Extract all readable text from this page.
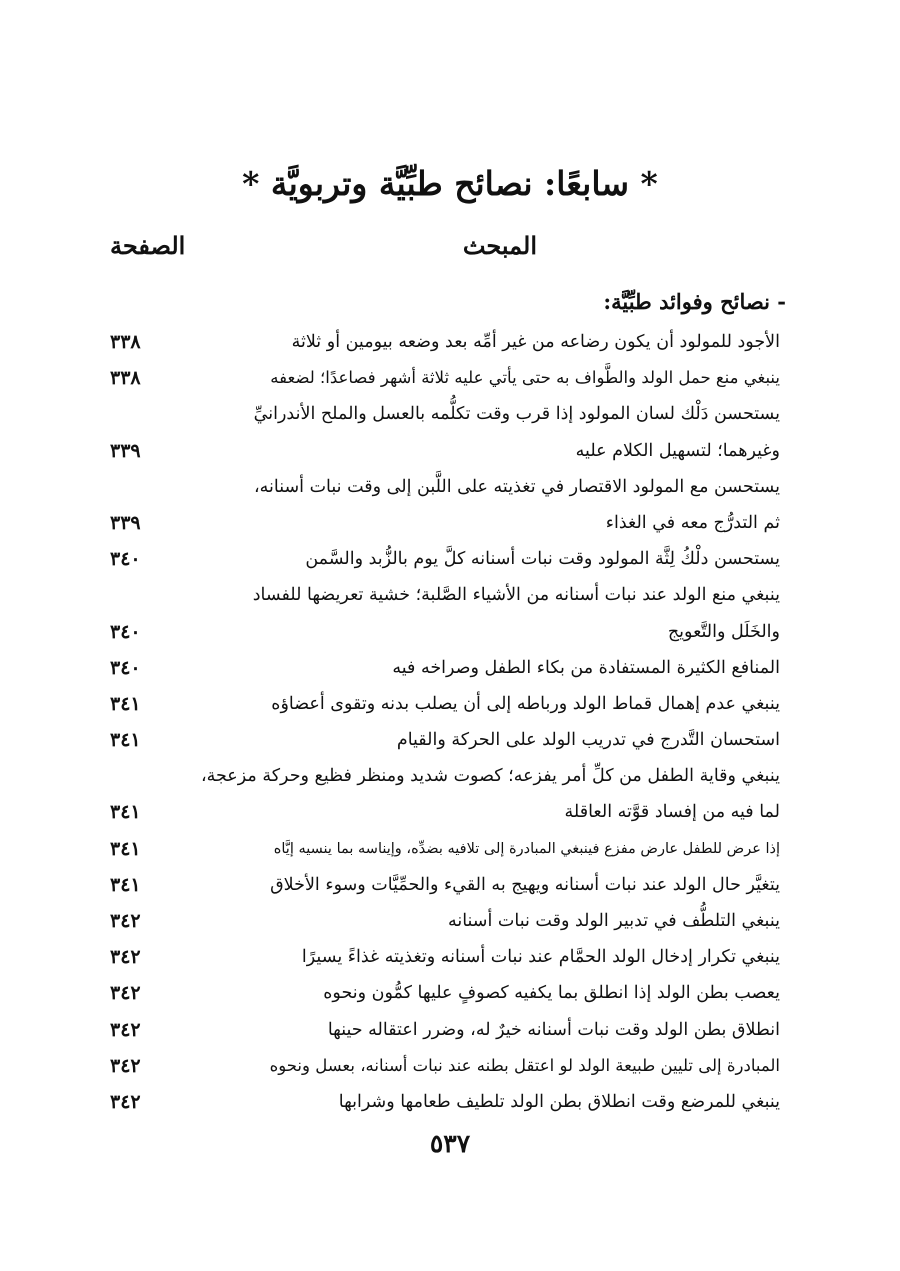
* سابعًا: نصائح طبِّيَّة وتربويَّة *
المبحث
الصفحة
- نصائح وفوائد طبِّيَّة:
الأجود للمولود أن يكون رضاعه من غير أمِّه بعد وضعه بيومين أو ثلاثة
٣٣٨
ينبغي منع حمل الولد والطَّواف به حتى يأتي عليه ثلاثة أشهر فصاعدًا؛ لضعفه
٣٣٨
يستحسن دَلْك لسان المولود إذا قرب وقت تكلُّمه بالعسل والملح الأندرانيِّ
وغيرهما؛ لتسهيل الكلام عليه
٣٣٩
يستحسن مع المولود الاقتصار في تغذيته على اللَّبن إلى وقت نبات أسنانه،
ثم التدرُّج معه في الغذاء
٣٣٩
يستحسن دلْكُ لِثَّة المولود وقت نبات أسنانه كلَّ يوم بالزُّبد والسَّمن
٣٤٠
ينبغي منع الولد عند نبات أسنانه من الأشياء الصَّلبة؛ خشية تعريضها للفساد
والخَلَل والتَّعويج
٣٤٠
المنافع الكثيرة المستفادة من بكاء الطفل وصراخه فيه
٣٤٠
ينبغي عدم إهمال قماط الولد ورباطه إلى أن يصلب بدنه وتقوى أعضاؤه
٣٤١
استحسان التَّدرج في تدريب الولد على الحركة والقيام
٣٤١
ينبغي وقاية الطفل من كلِّ أمر يفزعه؛ كصوت شديد ومنظر فظيع وحركة مزعجة،
لما فيه من إفساد قوَّته العاقلة
٣٤١
إذا عرض للطفل عارض مفزع فينبغي المبادرة إلى تلافيه بضدِّه، وإيناسه بما ينسيه إيَّاه
٣٤١
يتغيَّر حال الولد عند نبات أسنانه ويهيج به القيء والحمِّيَّات وسوء الأخلاق
٣٤١
ينبغي التلطُّف في تدبير الولد وقت نبات أسنانه
٣٤٢
ينبغي تكرار إدخال الولد الحمَّام عند نبات أسنانه وتغذيته غذاءً يسيرًا
٣٤٢
يعصب بطن الولد إذا انطلق بما يكفيه كصوفٍ عليها كمُّون ونحوه
٣٤٢
انطلاق بطن الولد وقت نبات أسنانه خيرٌ له، وضرر اعتقاله حينها
٣٤٢
المبادرة إلى تليين طبيعة الولد لو اعتقل بطنه عند نبات أسنانه، بعسل ونحوه
٣٤٢
ينبغي للمرضع وقت انطلاق بطن الولد تلطيف طعامها وشرابها
٣٤٢
٥٣٧
